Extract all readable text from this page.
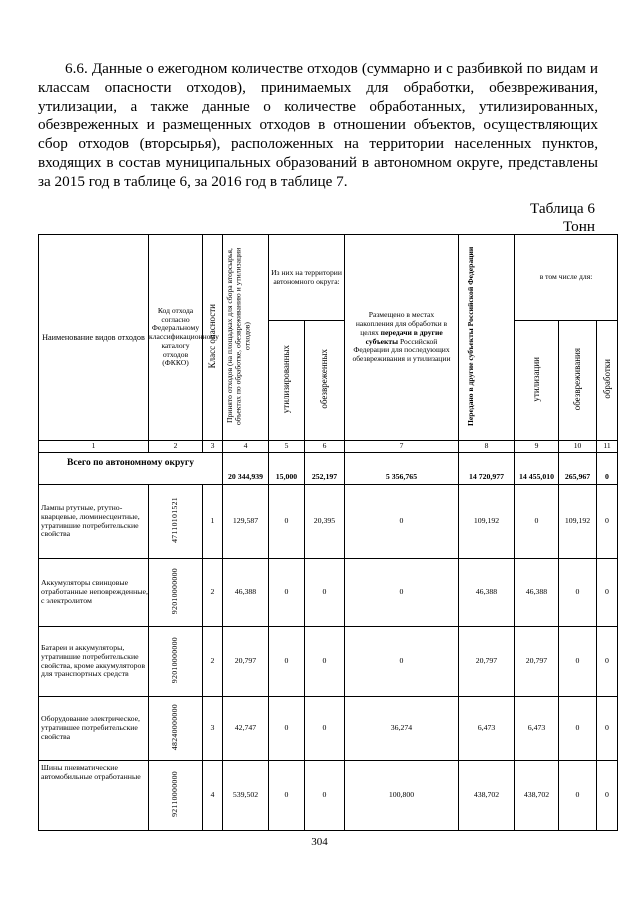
6.6. Данные о ежегодном количестве отходов (суммарно и с разбивкой по видам и классам опасности отходов), принимаемых для обработки, обезвреживания, утилизации, а также данные о количестве обработанных, утилизированных, обезвреженных и размещенных отходов в отношении объектов, осуществляющих сбор отходов (вторсырья), расположенных на территории населенных пунктов, входящих в состав муниципальных образований в автономном округе, представлены за 2015 год в таблице 6, за 2016 год в таблице 7.
Таблица 6
Тонн
Наименование видов отходов	Код отхода согласно Федеральному классификационному каталогу отходов (ФККО)	Класс опасности	Принято отходов (на площадках для сбора вторсырья, объектах по обработке, обезвреживанию и утилизации отходов)	Из них на территории автономного округа:		Размещено в местах накопления для обработки в целях передачи в другие субъекты Российской Федерации для последующих обезвреживания и утилизации	Передано в другие субъекты Российской Федерации	в том числе для:		
				утилизированных	обезвреженных			утилизации	обезвреживания	обработки
1	2	3	4	5	6	7	8	9	10	11
Всего по автономному округу			20 344,939	15,000	252,197	5 356,765	14 720,977	14 455,010	265,967	0
Лампы ртутные, ртутно-кварцевые, люминесцентные, утратившие потребительские свойства	47110101521	1	129,587	0	20,395	0	109,192	0	109,192	0
Аккумуляторы свинцовые отработанные неповрежденные, с электролитом	92010000000	2	46,388	0	0	0	46,388	46,388	0	0
Батареи и аккумуляторы, утратившие потребительские свойства, кроме аккумуляторов для транспортных средств	92010000000	2	20,797	0	0	0	20,797	20,797	0	0
Оборудование электрическое, утратившее потребительские свойства	48240000000	3	42,747	0	0	36,274	6,473	6,473	0	0
Шины пневматические автомобильные отработанные	92110000000	4	539,502	0	0	100,800	438,702	438,702	0	0
304
